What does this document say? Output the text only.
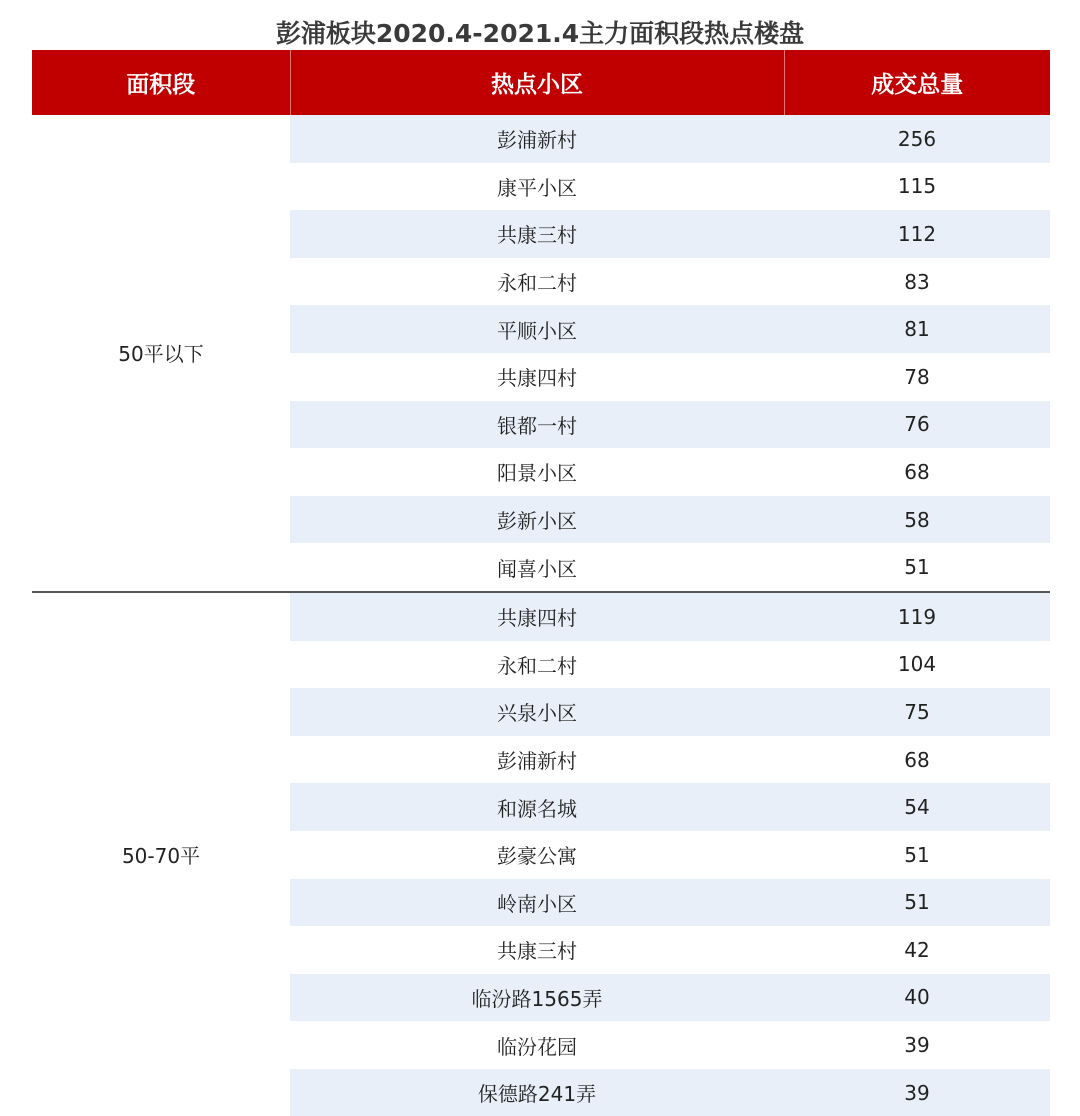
彭浦板块2020.4-2021.4主力面积段热点楼盘
面积段	热点小区	成交总量
50平以下	彭浦新村	256
	康平小区	115
	共康三村	112
	永和二村	83
	平顺小区	81
	共康四村	78
	银都一村	76
	阳景小区	68
	彭新小区	58
	闻喜小区	51
50-70平	共康四村	119
	永和二村	104
	兴泉小区	75
	彭浦新村	68
	和源名城	54
	彭豪公寓	51
	岭南小区	51
	共康三村	42
	临汾路1565弄	40
	临汾花园	39
	保德路241弄	39
